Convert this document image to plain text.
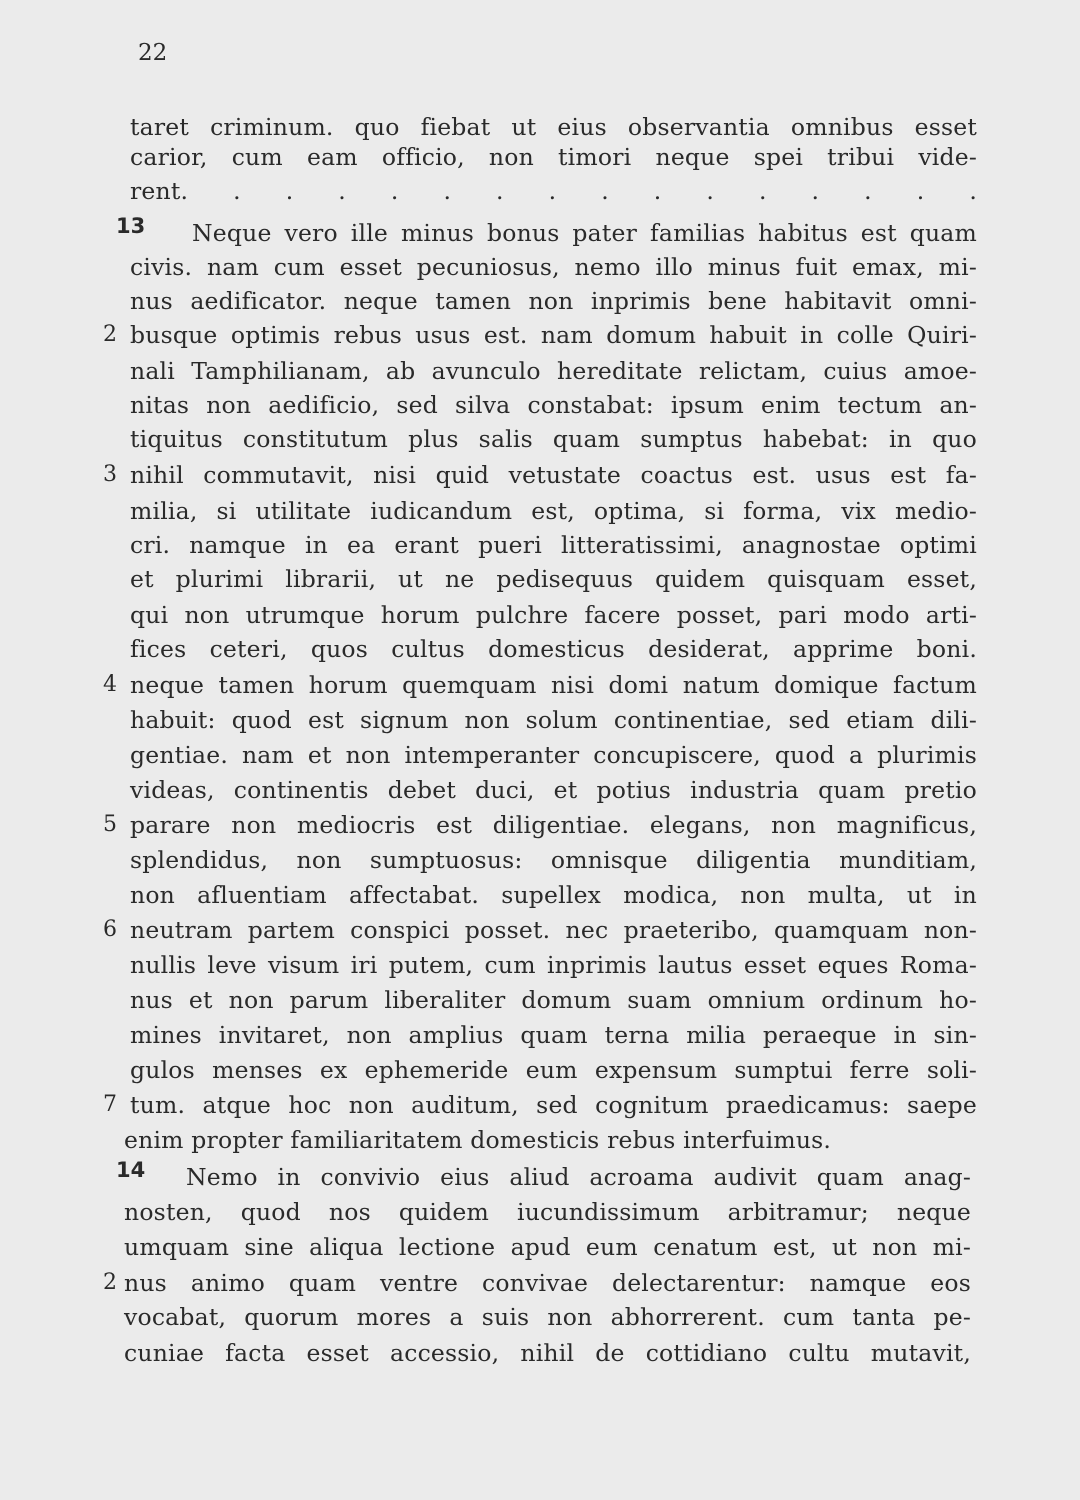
22
taret criminum. quo fiebat ut eius observantia omnibus esset
carior, cum eam officio, non timori neque spei tribui vide-
rent. . . . . . . . . . . . . . . .
Neque vero ille minus bonus pater familias habitus est quam
13
civis. nam cum esset pecuniosus, nemo illo minus fuit emax, mi-
nus aedificator. neque tamen non inprimis bene habitavit omni-
busque optimis rebus usus est. nam domum habuit in colle Quiri-
2
nali Tamphilianam, ab avunculo hereditate relictam, cuius amoe-
nitas non aedificio, sed silva constabat: ipsum enim tectum an-
tiquitus constitutum plus salis quam sumptus habebat: in quo
nihil commutavit, nisi quid vetustate coactus est. usus est fa-
3
milia, si utilitate iudicandum est, optima, si forma, vix medio-
cri. namque in ea erant pueri litteratissimi, anagnostae optimi
et plurimi librarii, ut ne pedisequus quidem quisquam esset,
qui non utrumque horum pulchre facere posset, pari modo arti-
fices ceteri, quos cultus domesticus desiderat, apprime boni.
neque tamen horum quemquam nisi domi natum domique factum
4
habuit: quod est signum non solum continentiae, sed etiam dili-
gentiae. nam et non intemperanter concupiscere, quod a plurimis
videas, continentis debet duci, et potius industria quam pretio
parare non mediocris est diligentiae. elegans, non magnificus,
5
splendidus, non sumptuosus: omnisque diligentia munditiam,
non afluentiam affectabat. supellex modica, non multa, ut in
neutram partem conspici posset. nec praeteribo, quamquam non-
6
nullis leve visum iri putem, cum inprimis lautus esset eques Roma-
nus et non parum liberaliter domum suam omnium ordinum ho-
mines invitaret, non amplius quam terna milia peraeque in sin-
gulos menses ex ephemeride eum expensum sumptui ferre soli-
tum. atque hoc non auditum, sed cognitum praedicamus: saepe
7
enim propter familiaritatem domesticis rebus interfuimus.
Nemo in convivio eius aliud acroama audivit quam anag-
14
nosten, quod nos quidem iucundissimum arbitramur; neque
umquam sine aliqua lectione apud eum cenatum est, ut non mi-
nus animo quam ventre convivae delectarentur: namque eos
2
vocabat, quorum mores a suis non abhorrerent. cum tanta pe-
cuniae facta esset accessio, nihil de cottidiano cultu mutavit,
